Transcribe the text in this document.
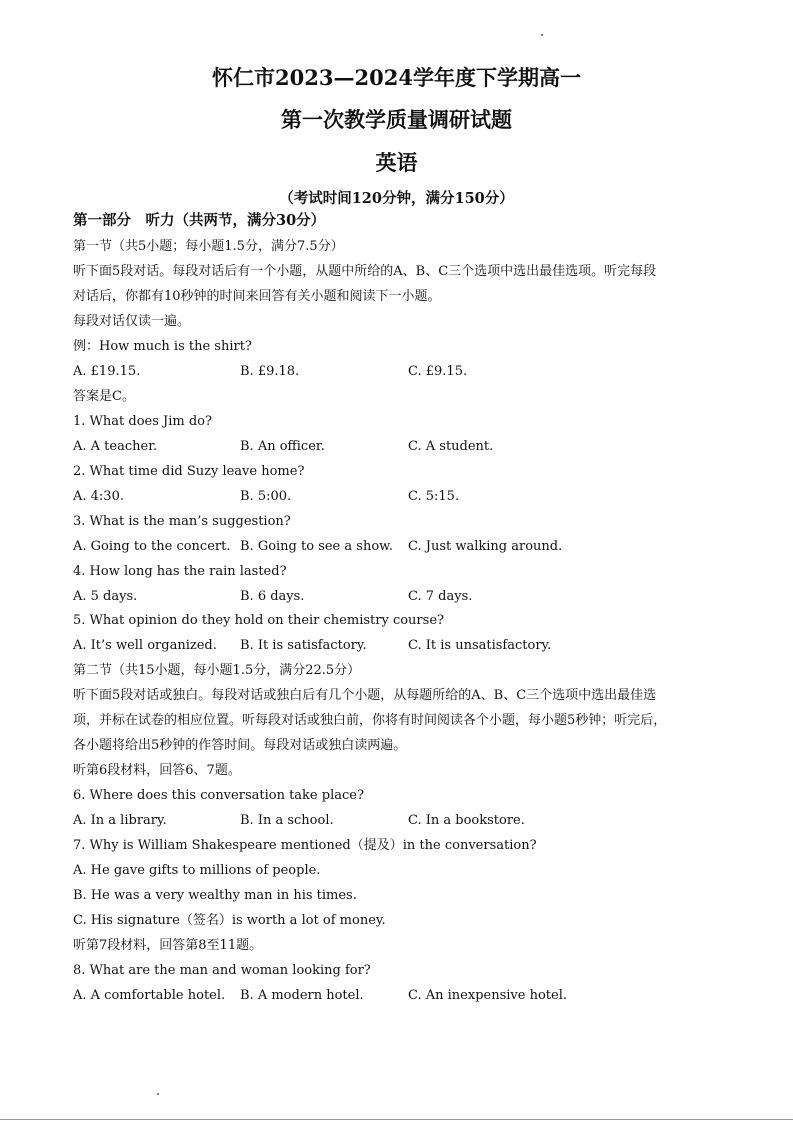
怀仁市2023—2024学年度下学期高一
第一次教学质量调研试题
英语
（考试时间120分钟，满分150分）
第一部分　听力（共两节，满分30分）
第一节（共5小题；每小题1.5分，满分7.5分）
听下面5段对话。每段对话后有一个小题，从题中所给的A、B、C三个选项中选出最佳选项。听完每段
对话后，你都有10秒钟的时间来回答有关小题和阅读下一小题。
每段对话仅读一遍。
例：How much is the shirt?
A. £19.15.	B. £9.18.	C. £9.15.
答案是C。
1. What does Jim do?
A. A teacher.	B. An officer.	C. A student.
2. What time did Suzy leave home?
A. 4:30.	B. 5:00.	C. 5:15.
3. What is the man’s suggestion?
A. Going to the concert. B. Going to see a show. C. Just walking around.
4. How long has the rain lasted?
A. 5 days.	B. 6 days.	C. 7 days.
5. What opinion do they hold on their chemistry course?
A. It’s well organized. B. It is satisfactory.	C. It is unsatisfactory.
第二节（共15小题，每小题1.5分，满分22.5分）
听下面5段对话或独白。每段对话或独白后有几个小题，从每题所给的A、B、C三个选项中选出最佳选
项，并标在试卷的相应位置。听每段对话或独白前，你将有时间阅读各个小题，每小题5秒钟；听完后，
各小题将给出5秒钟的作答时间。每段对话或独白读两遍。
听第6段材料，回答6、7题。
6. Where does this conversation take place?
A. In a library.	B. In a school.	C. In a bookstore.
7. Why is William Shakespeare mentioned（提及）in the conversation?
A. He gave gifts to millions of people.
B. He was a very wealthy man in his times.
C. His signature（签名）is worth a lot of money.
听第7段材料，回答第8至11题。
8. What are the man and woman looking for?
A. A comfortable hotel. B. A modern hotel.	C. An inexpensive hotel.
